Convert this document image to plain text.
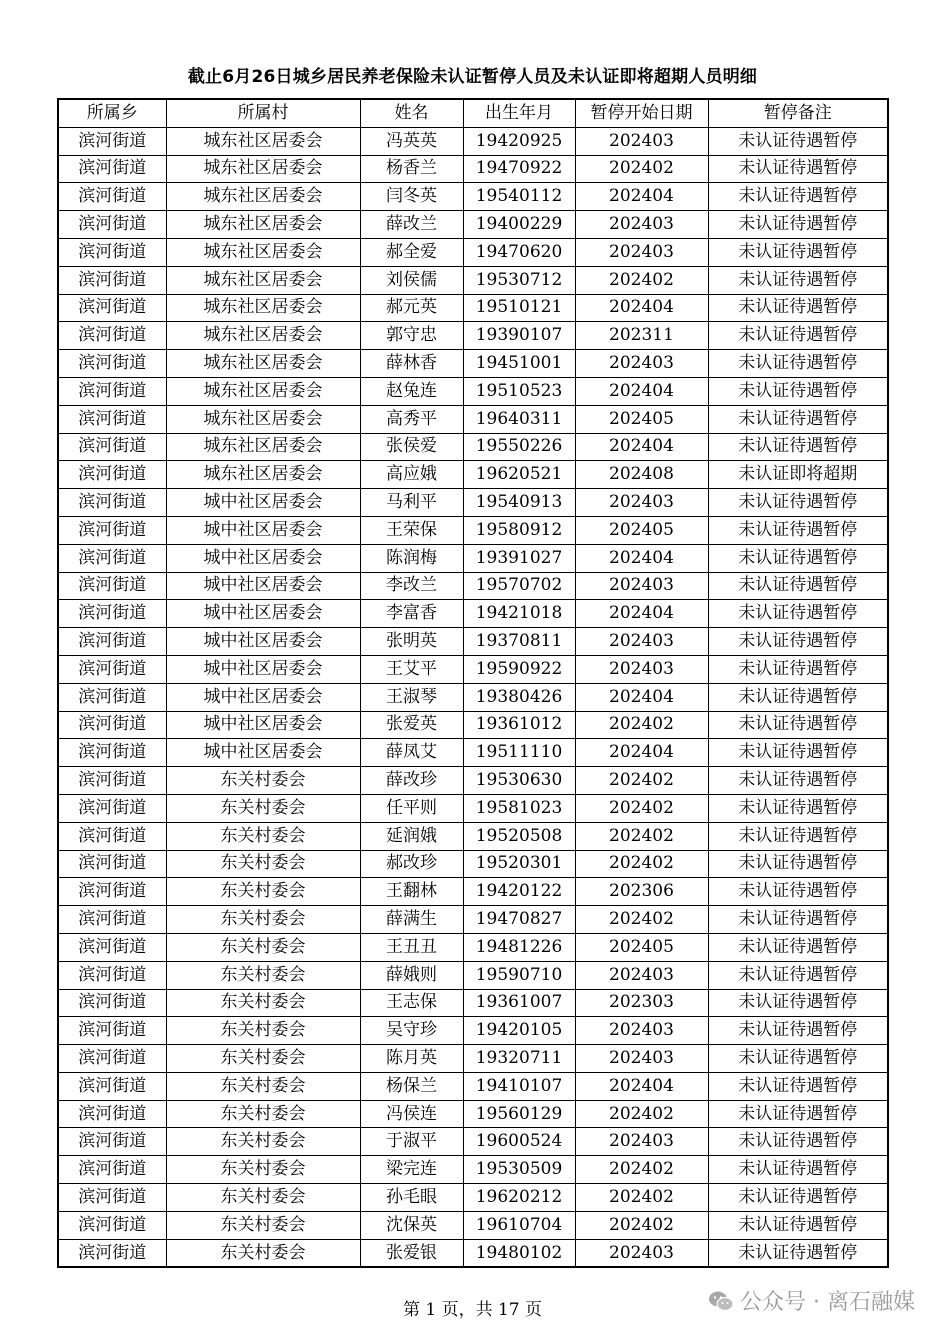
截止6月26日城乡居民养老保险未认证暂停人员及未认证即将超期人员明细
所属乡	所属村	姓名	出生年月	暂停开始日期	暂停备注
滨河街道	城东社区居委会	冯英英	19420925	202403	未认证待遇暂停
滨河街道	城东社区居委会	杨香兰	19470922	202402	未认证待遇暂停
滨河街道	城东社区居委会	闫冬英	19540112	202404	未认证待遇暂停
滨河街道	城东社区居委会	薛改兰	19400229	202403	未认证待遇暂停
滨河街道	城东社区居委会	郝全爱	19470620	202403	未认证待遇暂停
滨河街道	城东社区居委会	刘侯儒	19530712	202402	未认证待遇暂停
滨河街道	城东社区居委会	郝元英	19510121	202404	未认证待遇暂停
滨河街道	城东社区居委会	郭守忠	19390107	202311	未认证待遇暂停
滨河街道	城东社区居委会	薛林香	19451001	202403	未认证待遇暂停
滨河街道	城东社区居委会	赵兔连	19510523	202404	未认证待遇暂停
滨河街道	城东社区居委会	高秀平	19640311	202405	未认证待遇暂停
滨河街道	城东社区居委会	张侯爱	19550226	202404	未认证待遇暂停
滨河街道	城东社区居委会	高应娥	19620521	202408	未认证即将超期
滨河街道	城中社区居委会	马利平	19540913	202403	未认证待遇暂停
滨河街道	城中社区居委会	王荣保	19580912	202405	未认证待遇暂停
滨河街道	城中社区居委会	陈润梅	19391027	202404	未认证待遇暂停
滨河街道	城中社区居委会	李改兰	19570702	202403	未认证待遇暂停
滨河街道	城中社区居委会	李富香	19421018	202404	未认证待遇暂停
滨河街道	城中社区居委会	张明英	19370811	202403	未认证待遇暂停
滨河街道	城中社区居委会	王艾平	19590922	202403	未认证待遇暂停
滨河街道	城中社区居委会	王淑琴	19380426	202404	未认证待遇暂停
滨河街道	城中社区居委会	张爱英	19361012	202402	未认证待遇暂停
滨河街道	城中社区居委会	薛凤艾	19511110	202404	未认证待遇暂停
滨河街道	东关村委会	薛改珍	19530630	202402	未认证待遇暂停
滨河街道	东关村委会	任平则	19581023	202402	未认证待遇暂停
滨河街道	东关村委会	延润娥	19520508	202402	未认证待遇暂停
滨河街道	东关村委会	郝改珍	19520301	202402	未认证待遇暂停
滨河街道	东关村委会	王翻林	19420122	202306	未认证待遇暂停
滨河街道	东关村委会	薛满生	19470827	202402	未认证待遇暂停
滨河街道	东关村委会	王丑丑	19481226	202405	未认证待遇暂停
滨河街道	东关村委会	薛娥则	19590710	202403	未认证待遇暂停
滨河街道	东关村委会	王志保	19361007	202303	未认证待遇暂停
滨河街道	东关村委会	吴守珍	19420105	202403	未认证待遇暂停
滨河街道	东关村委会	陈月英	19320711	202403	未认证待遇暂停
滨河街道	东关村委会	杨保兰	19410107	202404	未认证待遇暂停
滨河街道	东关村委会	冯侯连	19560129	202402	未认证待遇暂停
滨河街道	东关村委会	于淑平	19600524	202403	未认证待遇暂停
滨河街道	东关村委会	梁完连	19530509	202402	未认证待遇暂停
滨河街道	东关村委会	孙毛眼	19620212	202402	未认证待遇暂停
滨河街道	东关村委会	沈保英	19610704	202402	未认证待遇暂停
滨河街道	东关村委会	张爱银	19480102	202403	未认证待遇暂停
第 1 页，共 17 页	公众号 · 离石融媒
